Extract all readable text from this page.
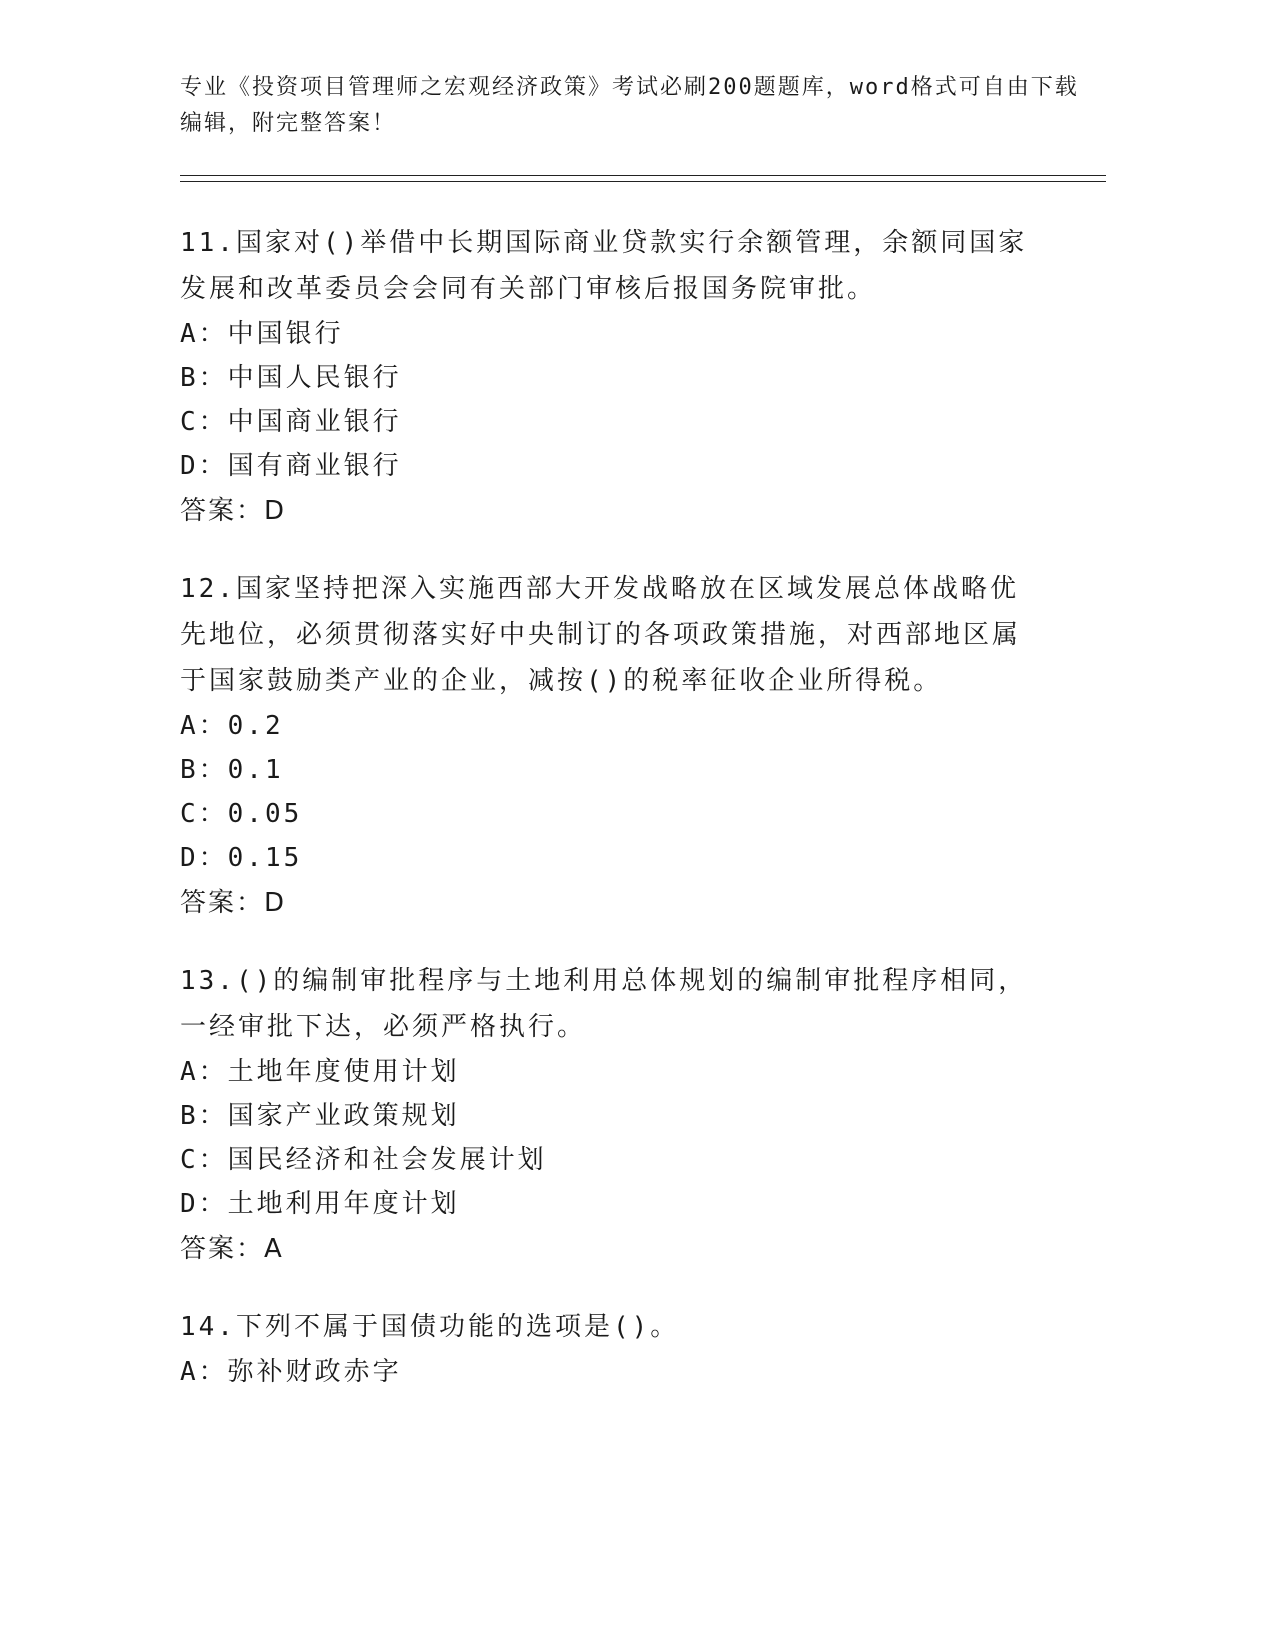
专业《投资项目管理师之宏观经济政策》考试必刷200题题库，word格式可自由下载编辑，附完整答案！

11.国家对()举借中长期国际商业贷款实行余额管理，余额同国家发展和改革委员会会同有关部门审核后报国务院审批。

A：中国银行

B：中国人民银行

C：中国商业银行

D：国有商业银行

答案：D

12.国家坚持把深入实施西部大开发战略放在区域发展总体战略优先地位，必须贯彻落实好中央制订的各项政策措施，对西部地区属于国家鼓励类产业的企业，减按()的税率征收企业所得税。

A：0.2

B：0.1

C：0.05

D：0.15

答案：D

13.()的编制审批程序与土地利用总体规划的编制审批程序相同，一经审批下达，必须严格执行。

A：土地年度使用计划

B：国家产业政策规划

C：国民经济和社会发展计划

D：土地利用年度计划

答案：A

14.下列不属于国债功能的选项是()。

A：弥补财政赤字
